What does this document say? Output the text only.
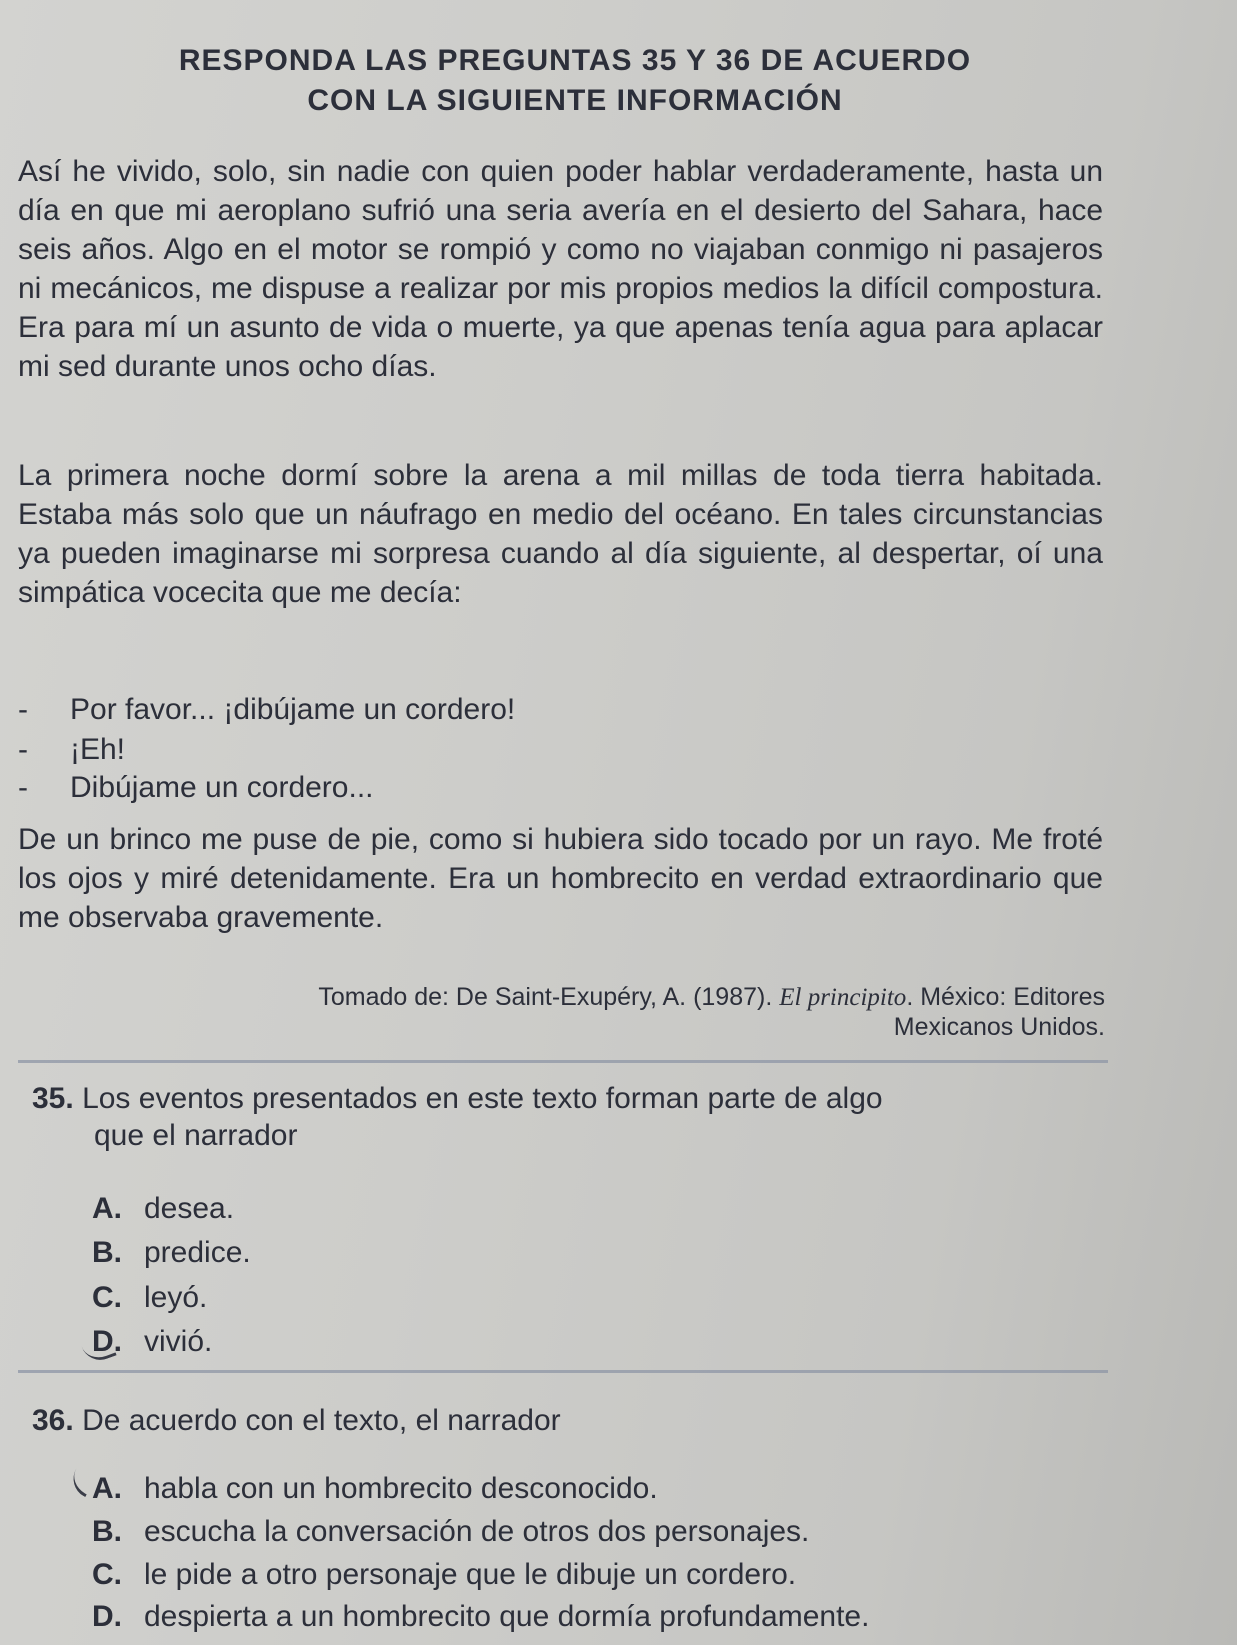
RESPONDA LAS PREGUNTAS 35 Y 36 DE ACUERDO
CON LA SIGUIENTE INFORMACIÓN

Así he vivido, solo, sin nadie con quien poder hablar verdaderamente, hasta un día en que mi aeroplano sufrió una seria avería en el desierto del Sahara, hace seis años. Algo en el motor se rompió y como no viajaban conmigo ni pasajeros ni mecánicos, me dispuse a realizar por mis propios medios la difícil compostura. Era para mí un asunto de vida o muerte, ya que apenas tenía agua para aplacar mi sed durante unos ocho días.

La primera noche dormí sobre la arena a mil millas de toda tierra habitada. Estaba más solo que un náufrago en medio del océano. En tales circunstancias ya pueden imaginarse mi sorpresa cuando al día siguiente, al despertar, oí una simpática vocecita que me decía:

- Por favor... ¡dibújame un cordero!
- ¡Eh!
- Dibújame un cordero...

De un brinco me puse de pie, como si hubiera sido tocado por un rayo. Me froté los ojos y miré detenidamente. Era un hombrecito en verdad extraordinario que me observaba gravemente.

Tomado de: De Saint-Exupéry, A. (1987). El principito. México: Editores
Mexicanos Unidos.
35. Los eventos presentados en este texto forman parte de algo
que el narrador
A. desea.
B. predice.
C. leyó.
D. vivió.
36. De acuerdo con el texto, el narrador
A. habla con un hombrecito desconocido.
B. escucha la conversación de otros dos personajes.
C. le pide a otro personaje que le dibuje un cordero.
D. despierta a un hombrecito que dormía profundamente.
